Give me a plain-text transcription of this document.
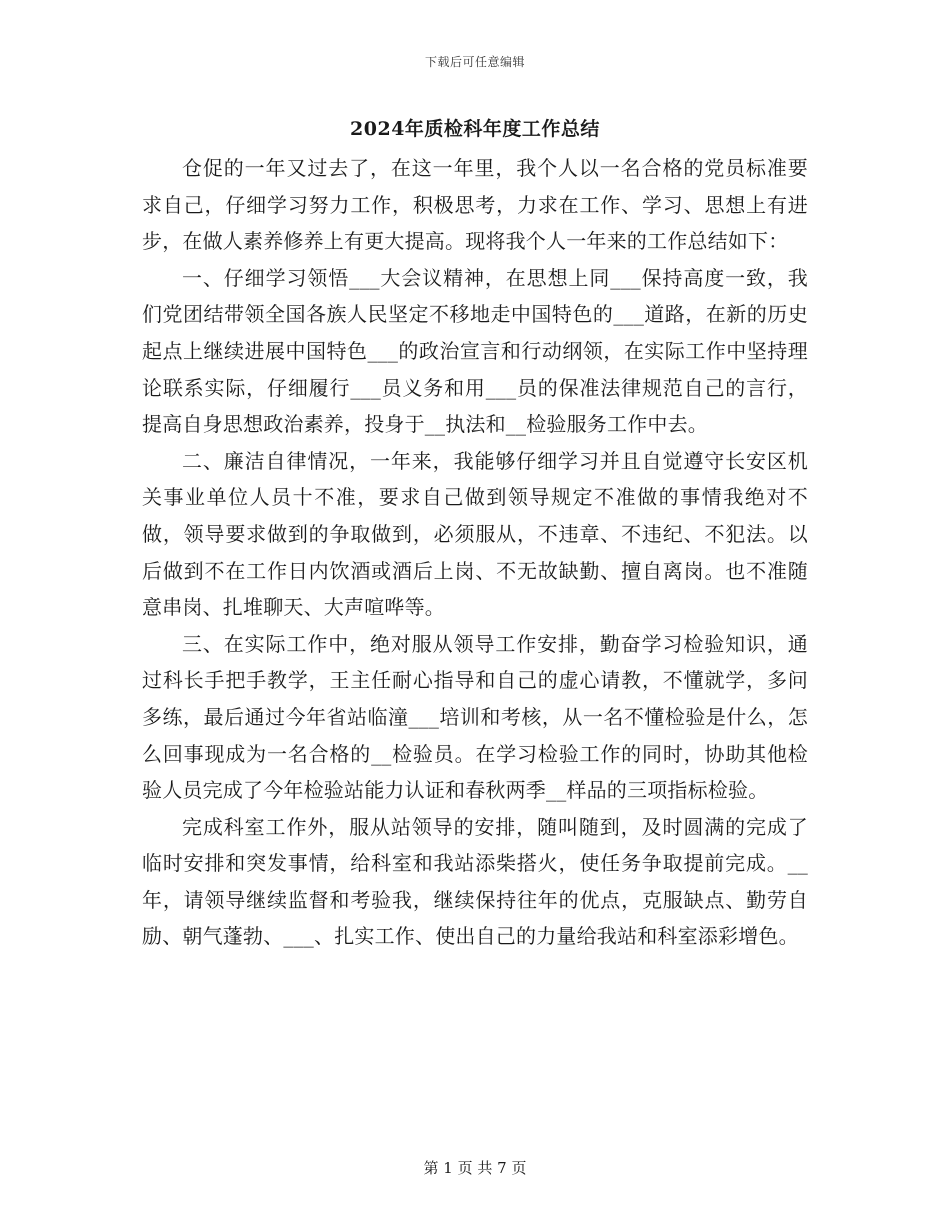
下载后可任意编辑
2024年质检科年度工作总结

仓促的一年又过去了，在这一年里，我个人以一名合格的党员标准要求自己，仔细学习努力工作，积极思考，力求在工作、学习、思想上有进步，在做人素养修养上有更大提高。现将我个人一年来的工作总结如下：

一、仔细学习领悟___大会议精神，在思想上同___保持高度一致，我们党团结带领全国各族人民坚定不移地走中国特色的___道路，在新的历史起点上继续进展中国特色___的政治宣言和行动纲领，在实际工作中坚持理论联系实际，仔细履行___员义务和用___员的保准法律规范自己的言行，提高自身思想政治素养，投身于__执法和__检验服务工作中去。

二、廉洁自律情况，一年来，我能够仔细学习并且自觉遵守长安区机关事业单位人员十不准，要求自己做到领导规定不准做的事情我绝对不做，领导要求做到的争取做到，必须服从，不违章、不违纪、不犯法。以后做到不在工作日内饮酒或酒后上岗、不无故缺勤、擅自离岗。也不准随意串岗、扎堆聊天、大声喧哗等。

三、在实际工作中，绝对服从领导工作安排，勤奋学习检验知识，通过科长手把手教学，王主任耐心指导和自己的虚心请教，不懂就学，多问多练，最后通过今年省站临潼___培训和考核，从一名不懂检验是什么，怎么回事现成为一名合格的__检验员。在学习检验工作的同时，协助其他检验人员完成了今年检验站能力认证和春秋两季__样品的三项指标检验。

完成科室工作外，服从站领导的安排，随叫随到，及时圆满的完成了临时安排和突发事情，给科室和我站添柴搭火，使任务争取提前完成。__年，请领导继续监督和考验我，继续保持往年的优点，克服缺点、勤劳自励、朝气蓬勃、___、扎实工作、使出自己的力量给我站和科室添彩增色。

第 1 页 共 7 页
